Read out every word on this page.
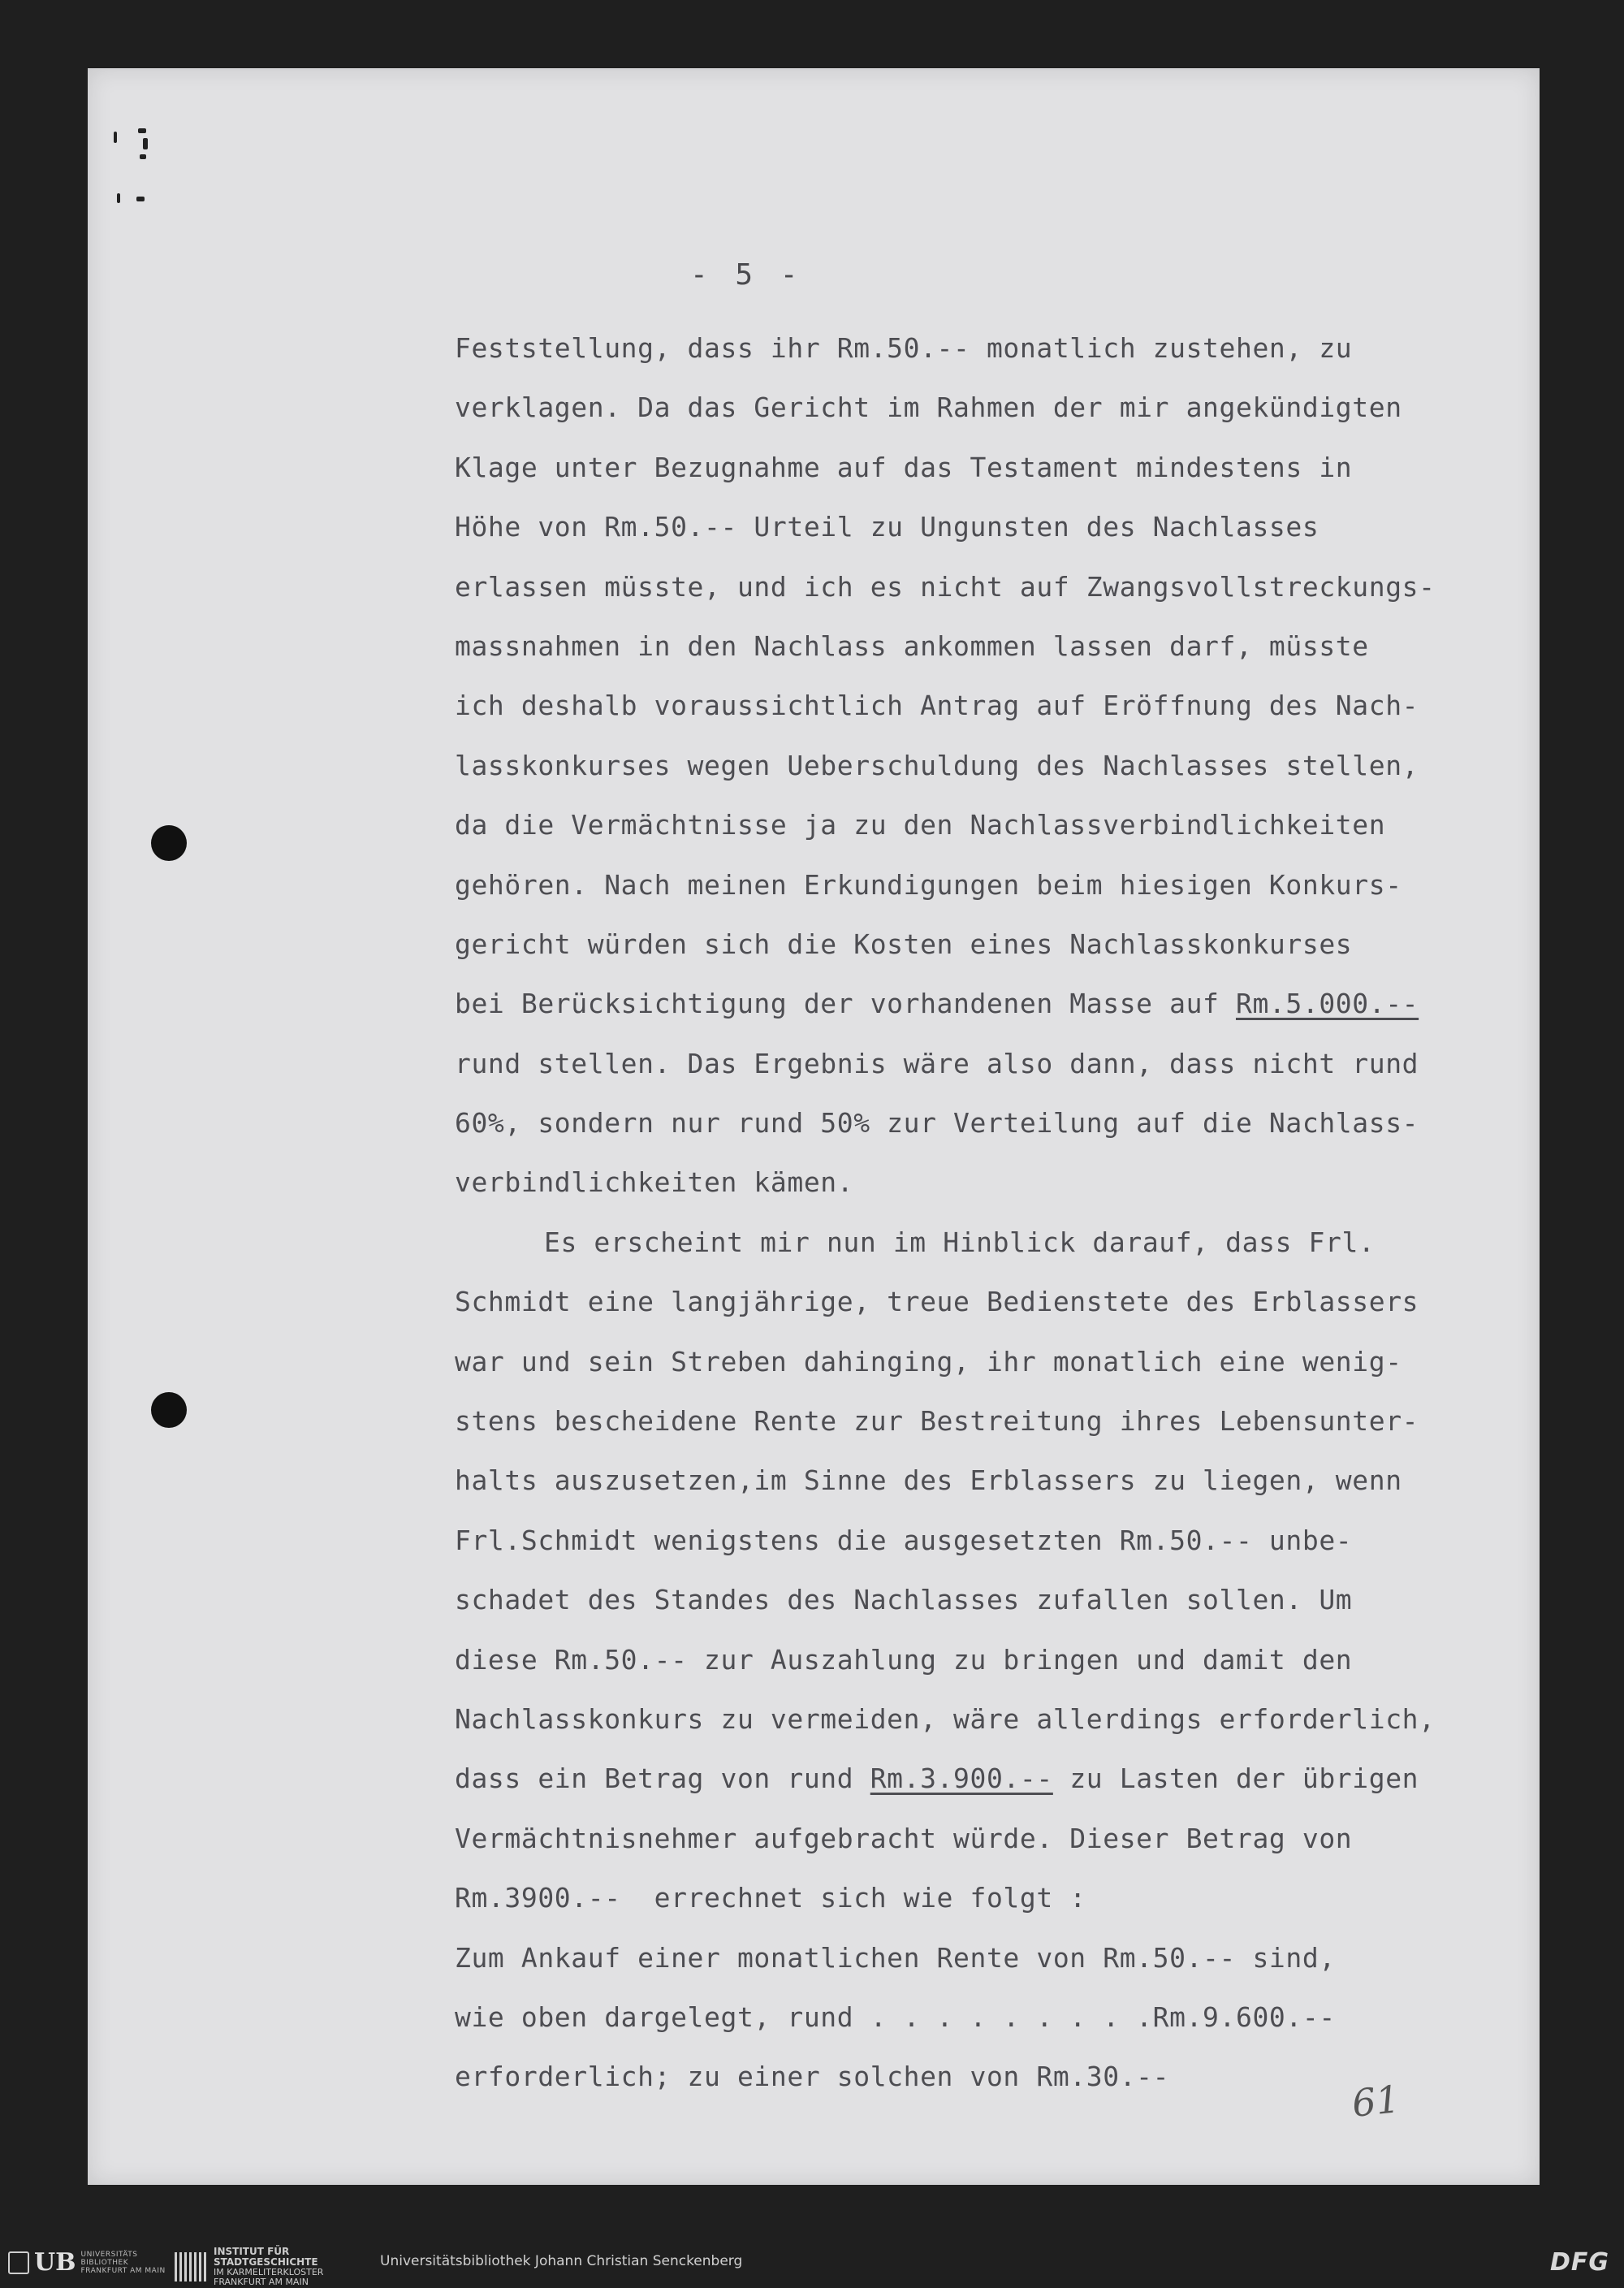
- 5 -
Feststellung, dass ihr Rm.50.-- monatlich zustehen, zu
verklagen. Da das Gericht im Rahmen der mir angekündigten
Klage unter Bezugnahme auf das Testament mindestens in
Höhe von Rm.50.-- Urteil zu Ungunsten des Nachlasses
erlassen müsste, und ich es nicht auf Zwangsvollstreckungs-
massnahmen in den Nachlass ankommen lassen darf, müsste
ich deshalb voraussichtlich Antrag auf Eröffnung des Nach-
lasskonkurses wegen Ueberschuldung des Nachlasses stellen,
da die Vermächtnisse ja zu den Nachlassverbindlichkeiten
gehören. Nach meinen Erkundigungen beim hiesigen Konkurs-
gericht würden sich die Kosten eines Nachlasskonkurses
bei Berücksichtigung der vorhandenen Masse auf Rm.5.000.--
rund stellen. Das Ergebnis wäre also dann, dass nicht rund
60%, sondern nur rund 50% zur Verteilung auf die Nachlass-
verbindlichkeiten kämen.
Es erscheint mir nun im Hinblick darauf, dass Frl.
Schmidt eine langjährige, treue Bedienstete des Erblassers
war und sein Streben dahinging, ihr monatlich eine wenig-
stens bescheidene Rente zur Bestreitung ihres Lebensunter-
halts auszusetzen,im Sinne des Erblassers zu liegen, wenn
Frl.Schmidt wenigstens die ausgesetzten Rm.50.-- unbe-
schadet des Standes des Nachlasses zufallen sollen. Um
diese Rm.50.-- zur Auszahlung zu bringen und damit den
Nachlasskonkurs zu vermeiden, wäre allerdings erforderlich,
dass ein Betrag von rund Rm.3.900.-- zu Lasten der übrigen
Vermächtnisnehmer aufgebracht würde. Dieser Betrag von
Rm.3900.--  errechnet sich wie folgt :
Zum Ankauf einer monatlichen Rente von Rm.50.-- sind,
wie oben dargelegt, rund . . . . . . . . .Rm.9.600.--
erforderlich; zu einer solchen von Rm.30.--
61
UB UNIVERSITÄTS
BIBLIOTHEK
FRANKFURT AM MAIN
INSTITUT FÜR
STADTGESCHICHTE
IM KARMELITERKLOSTER
FRANKFURT AM MAIN
Universitätsbibliothek Johann Christian Senckenberg	DFG
